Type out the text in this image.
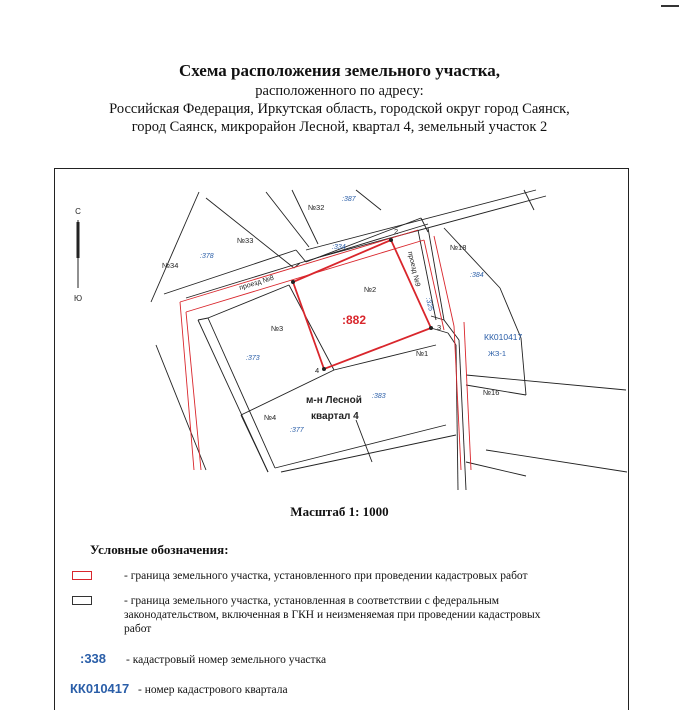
Схема расположения земельного участка,
расположенного по адресу:
Российская Федерация, Иркутская область, городской округ город Саянск,
город Саянск, микрорайон Лесной, квартал 4, земельный участок 2
С
Ю
2
3
4
№32
№33
№34
№18
№2
№3
№1
№4
№16
:387
:378
:334
:384
:373
:383
:377
:325
проезд №8	проезд №9
:882
КК010417
ЖЗ-1
м-н Лесной
квартал 4
Масштаб 1: 1000
Условные обозначения:
- граница земельного участка, установленного при проведении кадастровых работ
- граница земельного участка, установленная в соответствии с федеральным законодательством, включенная в ГКН и неизменяемая при проведении кадастровых работ
:338 - кадастровый номер земельного участка
КК010417 - номер кадастрового квартала
